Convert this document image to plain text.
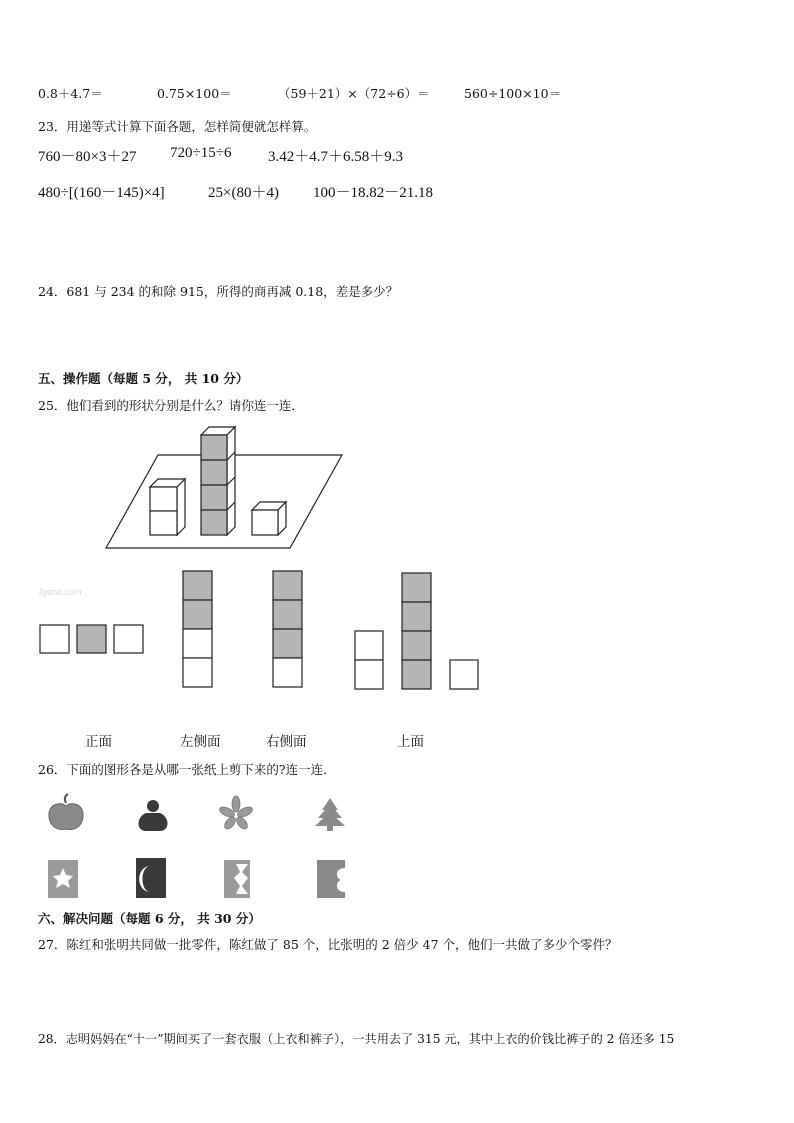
0.8＋4.7＝	0.75×100＝	（59＋21）×（72÷6）＝	560÷100×10＝
23．用递等式计算下面各题，怎样简便就怎样算。
760－80×3＋27 720÷15÷6 3.42＋4.7＋6.58＋9.3
480÷[(160－145)×4]	25×(80＋4) 100－18.82－21.18
24．681 与 234 的和除 915，所得的商再减 0.18，差是多少？
五、操作题（每题 5 分， 共 10 分）
25．他们看到的形状分别是什么？请你连一连．
Jyeoo.com
正面	左侧面	右侧面	上面
26．下面的图形各是从哪一张纸上剪下来的?连一连．
六、解决问题（每题 6 分， 共 30 分）
27．陈红和张明共同做一批零件，陈红做了 85 个，比张明的 2 倍少 47 个，他们一共做了多少个零件？
28．志明妈妈在“十一”期间买了一套衣服（上衣和裤子），一共用去了 315 元，其中上衣的价钱比裤子的 2 倍还多 15
